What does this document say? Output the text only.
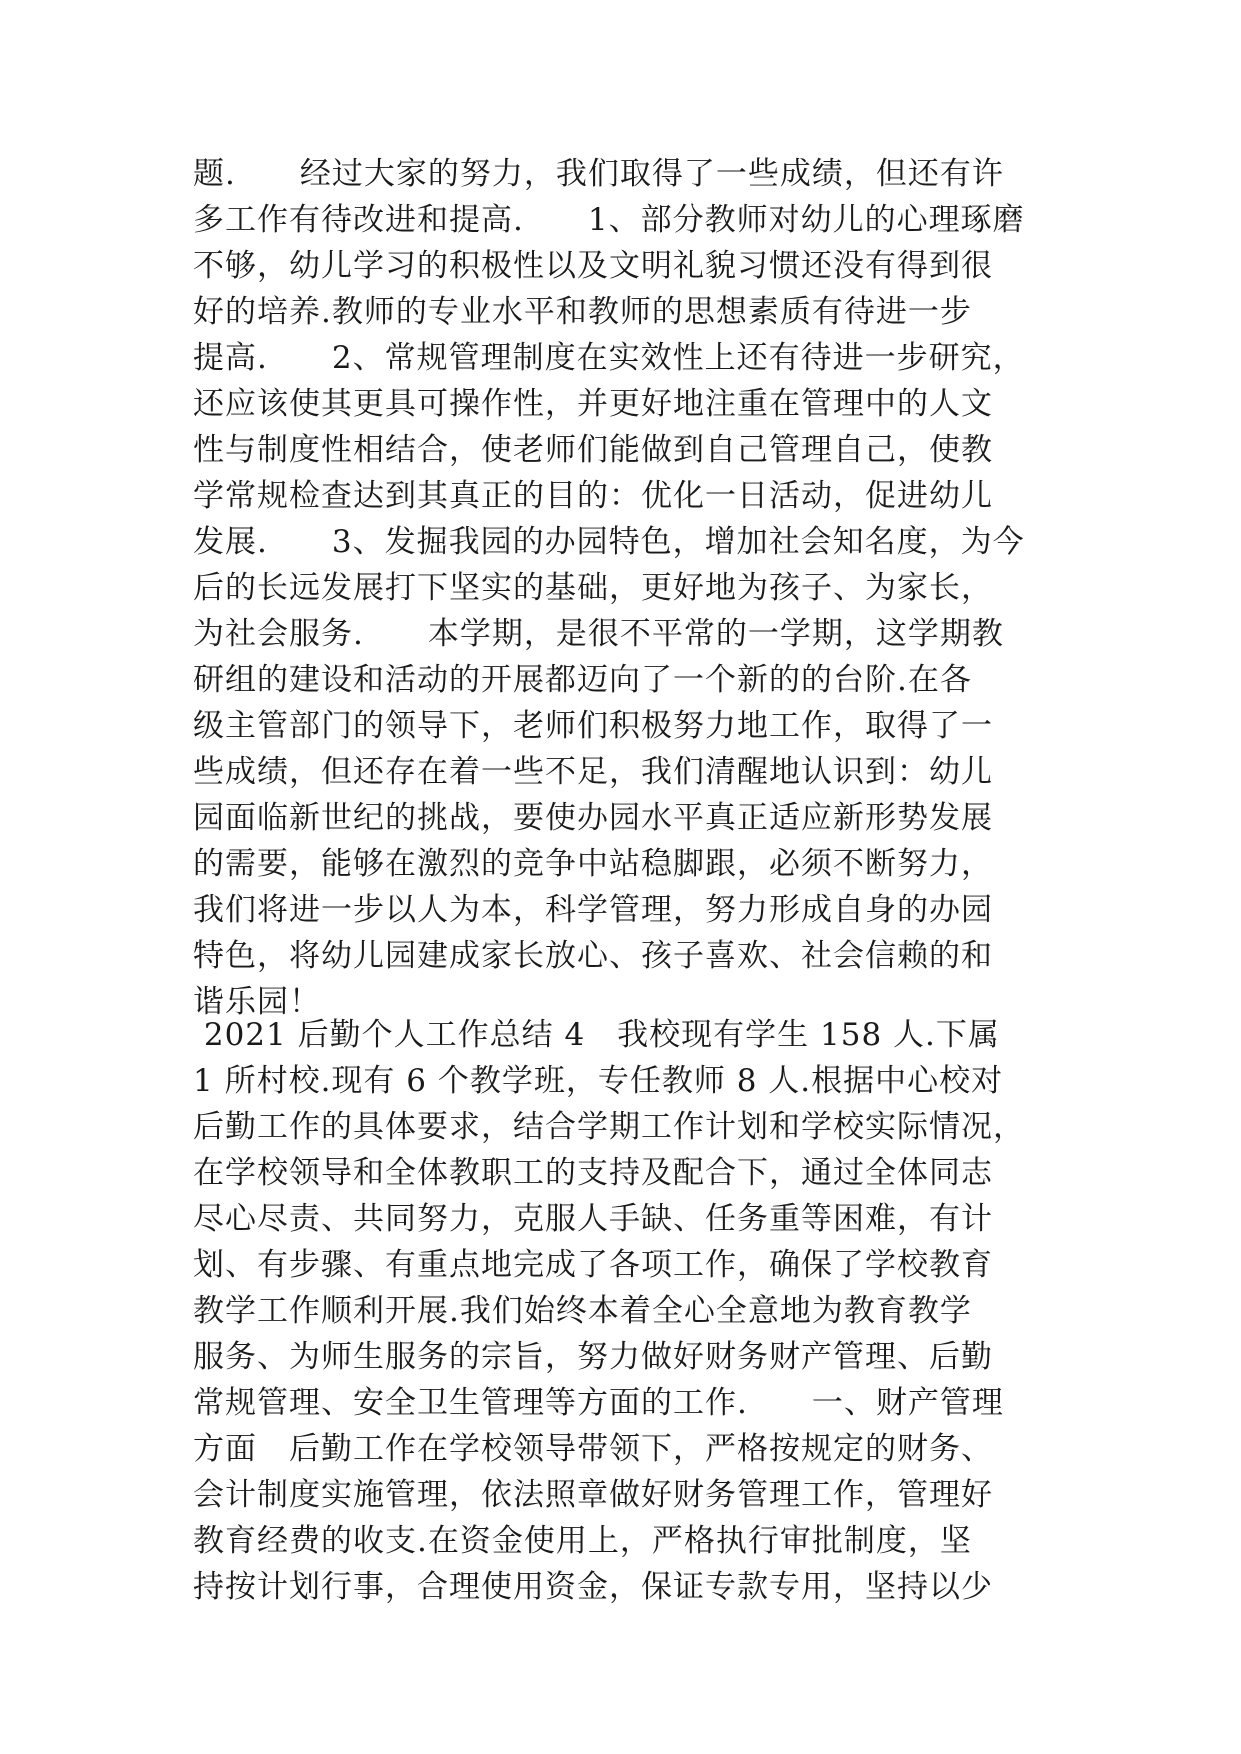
题.　　经过大家的努力，我们取得了一些成绩，但还有许
多工作有待改进和提高.　　1、部分教师对幼儿的心理琢磨
不够，幼儿学习的积极性以及文明礼貌习惯还没有得到很
好的培养.教师的专业水平和教师的思想素质有待进一步
提高.　　2、常规管理制度在实效性上还有待进一步研究，
还应该使其更具可操作性，并更好地注重在管理中的人文
性与制度性相结合，使老师们能做到自己管理自己，使教
学常规检查达到其真正的目的：优化一日活动，促进幼儿
发展.　　3、发掘我园的办园特色，增加社会知名度，为今
后的长远发展打下坚实的基础，更好地为孩子、为家长，
为社会服务.　　本学期，是很不平常的一学期，这学期教
研组的建设和活动的开展都迈向了一个新的的台阶.在各
级主管部门的领导下，老师们积极努力地工作，取得了一
些成绩，但还存在着一些不足，我们清醒地认识到：幼儿
园面临新世纪的挑战，要使办园水平真正适应新形势发展
的需要，能够在激烈的竞争中站稳脚跟，必须不断努力，
我们将进一步以人为本，科学管理，努力形成自身的办园
特色，将幼儿园建成家长放心、孩子喜欢、社会信赖的和
谐乐园！
2021 后勤个人工作总结 4　我校现有学生 158 人.下属
1 所村校.现有 6 个教学班，专任教师 8 人.根据中心校对
后勤工作的具体要求，结合学期工作计划和学校实际情况，
在学校领导和全体教职工的支持及配合下，通过全体同志
尽心尽责、共同努力，克服人手缺、任务重等困难，有计
划、有步骤、有重点地完成了各项工作，确保了学校教育
教学工作顺利开展.我们始终本着全心全意地为教育教学
服务、为师生服务的宗旨，努力做好财务财产管理、后勤
常规管理、安全卫生管理等方面的工作.　　一、财产管理
方面　后勤工作在学校领导带领下，严格按规定的财务、
会计制度实施管理，依法照章做好财务管理工作，管理好
教育经费的收支.在资金使用上，严格执行审批制度，坚
持按计划行事，合理使用资金，保证专款专用，坚持以少
